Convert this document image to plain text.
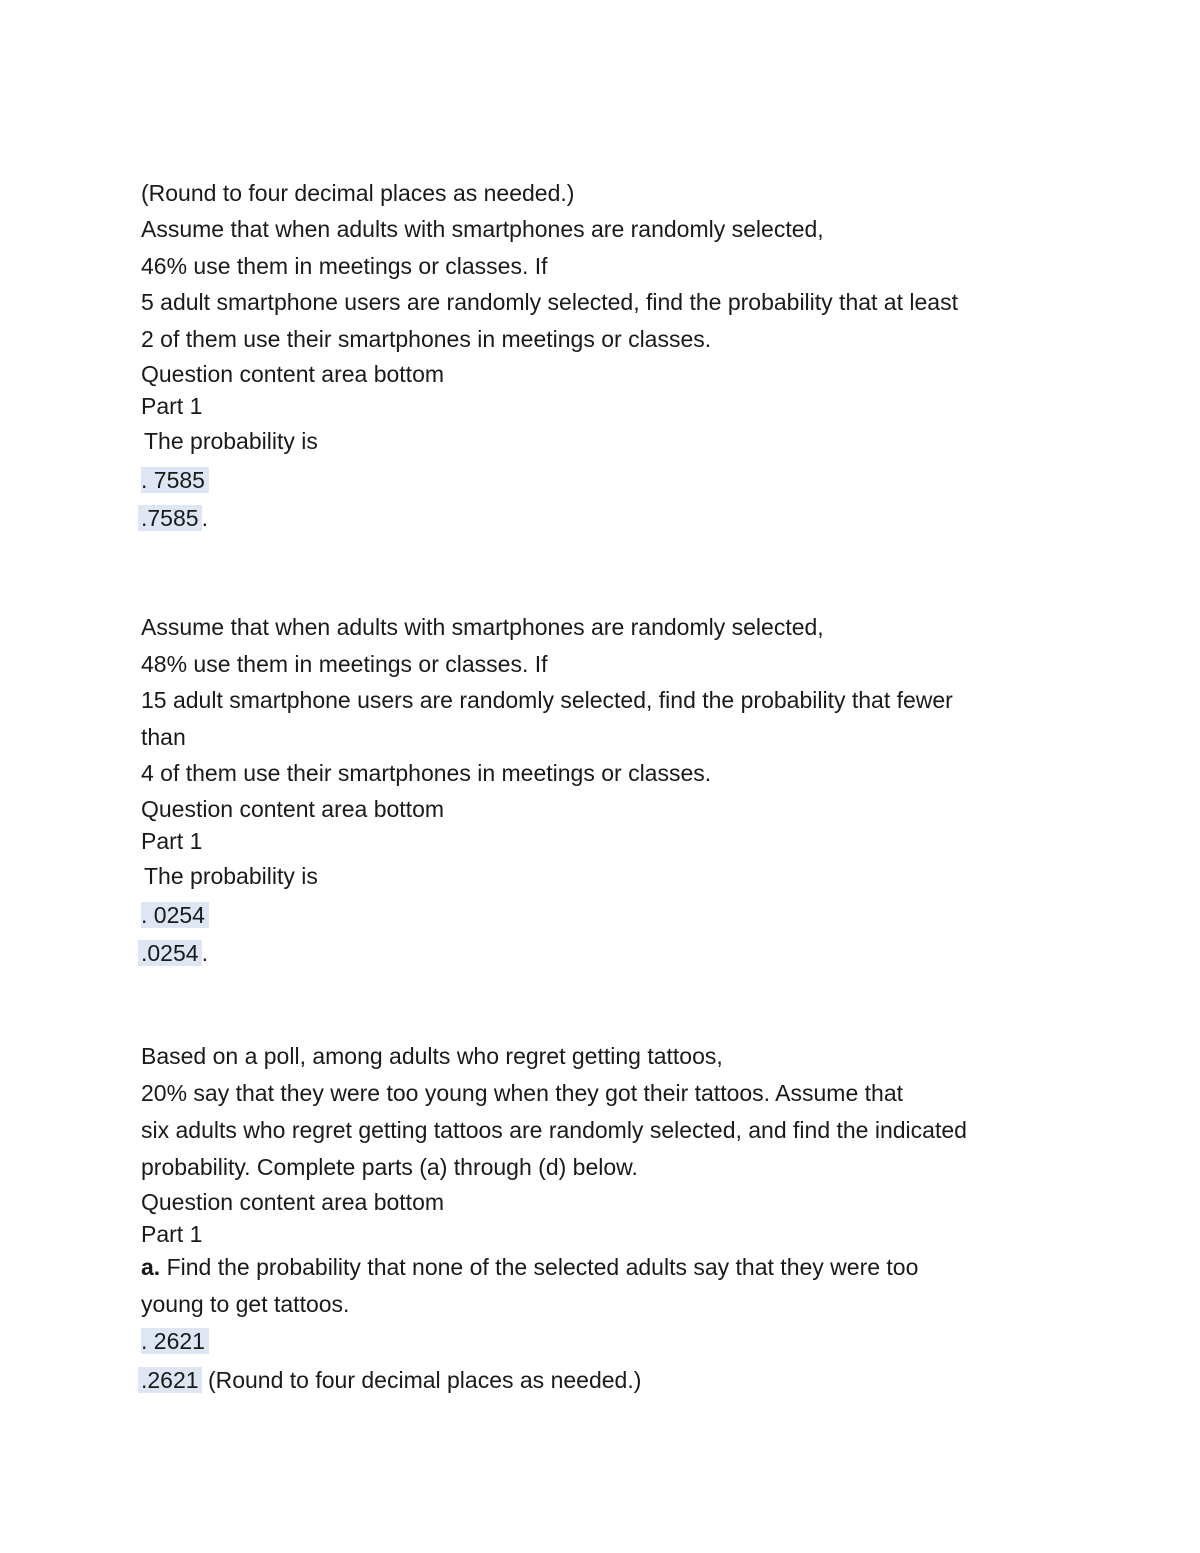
(Round to four decimal places as needed.)
Assume that when adults with smartphones are randomly selected,
46% use them in meetings or classes. If
5 adult smartphone users are randomly selected, find the probability that at least
2 of them use their smartphones in meetings or classes.
Question content area bottom
Part 1
The probability is
. 7585
.7585 .
Assume that when adults with smartphones are randomly selected,
48% use them in meetings or classes. If
15 adult smartphone users are randomly selected, find the probability that fewer
than
4 of them use their smartphones in meetings or classes.
Question content area bottom
Part 1
The probability is
. 0254
.0254 .
Based on a poll, among adults who regret getting tattoos,
20% say that they were too young when they got their tattoos. Assume that
six adults who regret getting tattoos are randomly selected, and find the indicated
probability. Complete parts (a) through (d) below.
Question content area bottom
Part 1
a. Find the probability that none of the selected adults say that they were too
young to get tattoos.
. 2621
.2621 (Round to four decimal places as needed.)
